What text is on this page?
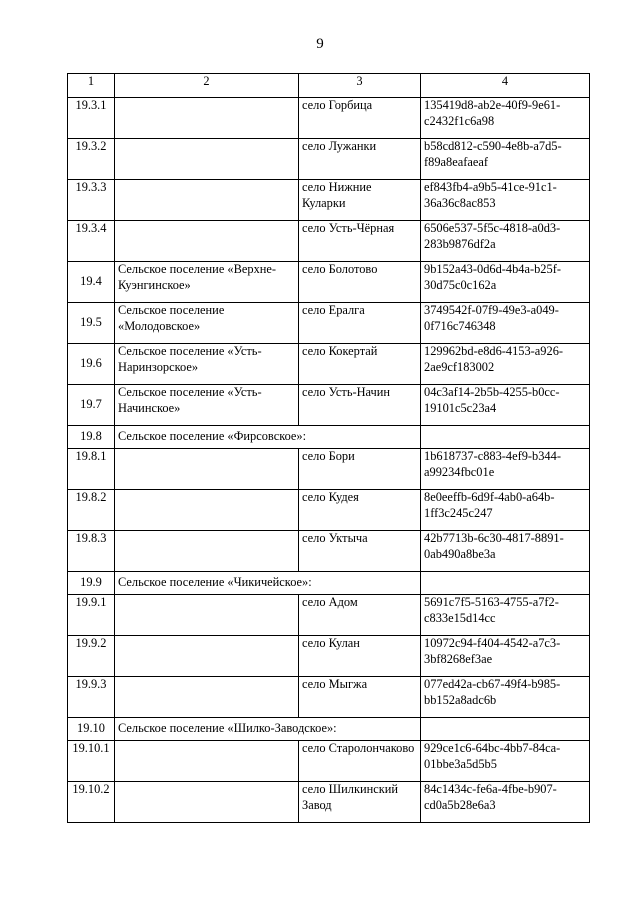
9
1	2	3	4
19.3.1		село Горбица	135419d8-ab2e-40f9-9e61-c2432f1c6a98
19.3.2		село Лужанки	b58cd812-c590-4e8b-a7d5-f89a8eafaeaf
19.3.3		село Нижние Куларки	ef843fb4-a9b5-41ce-91c1-36a36c8ac853
19.3.4		село Усть-Чёрная	6506e537-5f5c-4818-a0d3-283b9876df2a
19.4	Сельское поселение «Верхне-Куэнгинское»	село Болотово	9b152a43-0d6d-4b4a-b25f-30d75c0c162a
19.5	Сельское поселение «Молодовское»	село Ералга	3749542f-07f9-49e3-a049-0f716c746348
19.6	Сельское поселение «Усть-Наринзорское»	село Кокертай	129962bd-e8d6-4153-a926-2ae9cf183002
19.7	Сельское поселение «Усть-Начинское»	село Усть-Начин	04c3af14-2b5b-4255-b0cc-19101c5c23a4
19.8	Сельское поселение «Фирсовское»:		
19.8.1		село Бори	1b618737-c883-4ef9-b344-a99234fbc01e
19.8.2		село Кудея	8e0eeffb-6d9f-4ab0-a64b-1ff3c245c247
19.8.3		село Уктыча	42b7713b-6c30-4817-8891-0ab490a8be3a
19.9	Сельское поселение «Чикичейское»:		
19.9.1		село Адом	5691c7f5-5163-4755-a7f2-c833e15d14cc
19.9.2		село Кулан	10972c94-f404-4542-a7c3-3bf8268ef3ae
19.9.3		село Мыгжа	077ed42a-cb67-49f4-b985-bb152a8adc6b
19.10	Сельское поселение «Шилко-Заводское»:		
19.10.1		село Старолончаково	929ce1c6-64bc-4bb7-84ca-01bbe3a5d5b5
19.10.2		село Шилкинский Завод	84c1434c-fe6a-4fbe-b907-cd0a5b28e6a3
